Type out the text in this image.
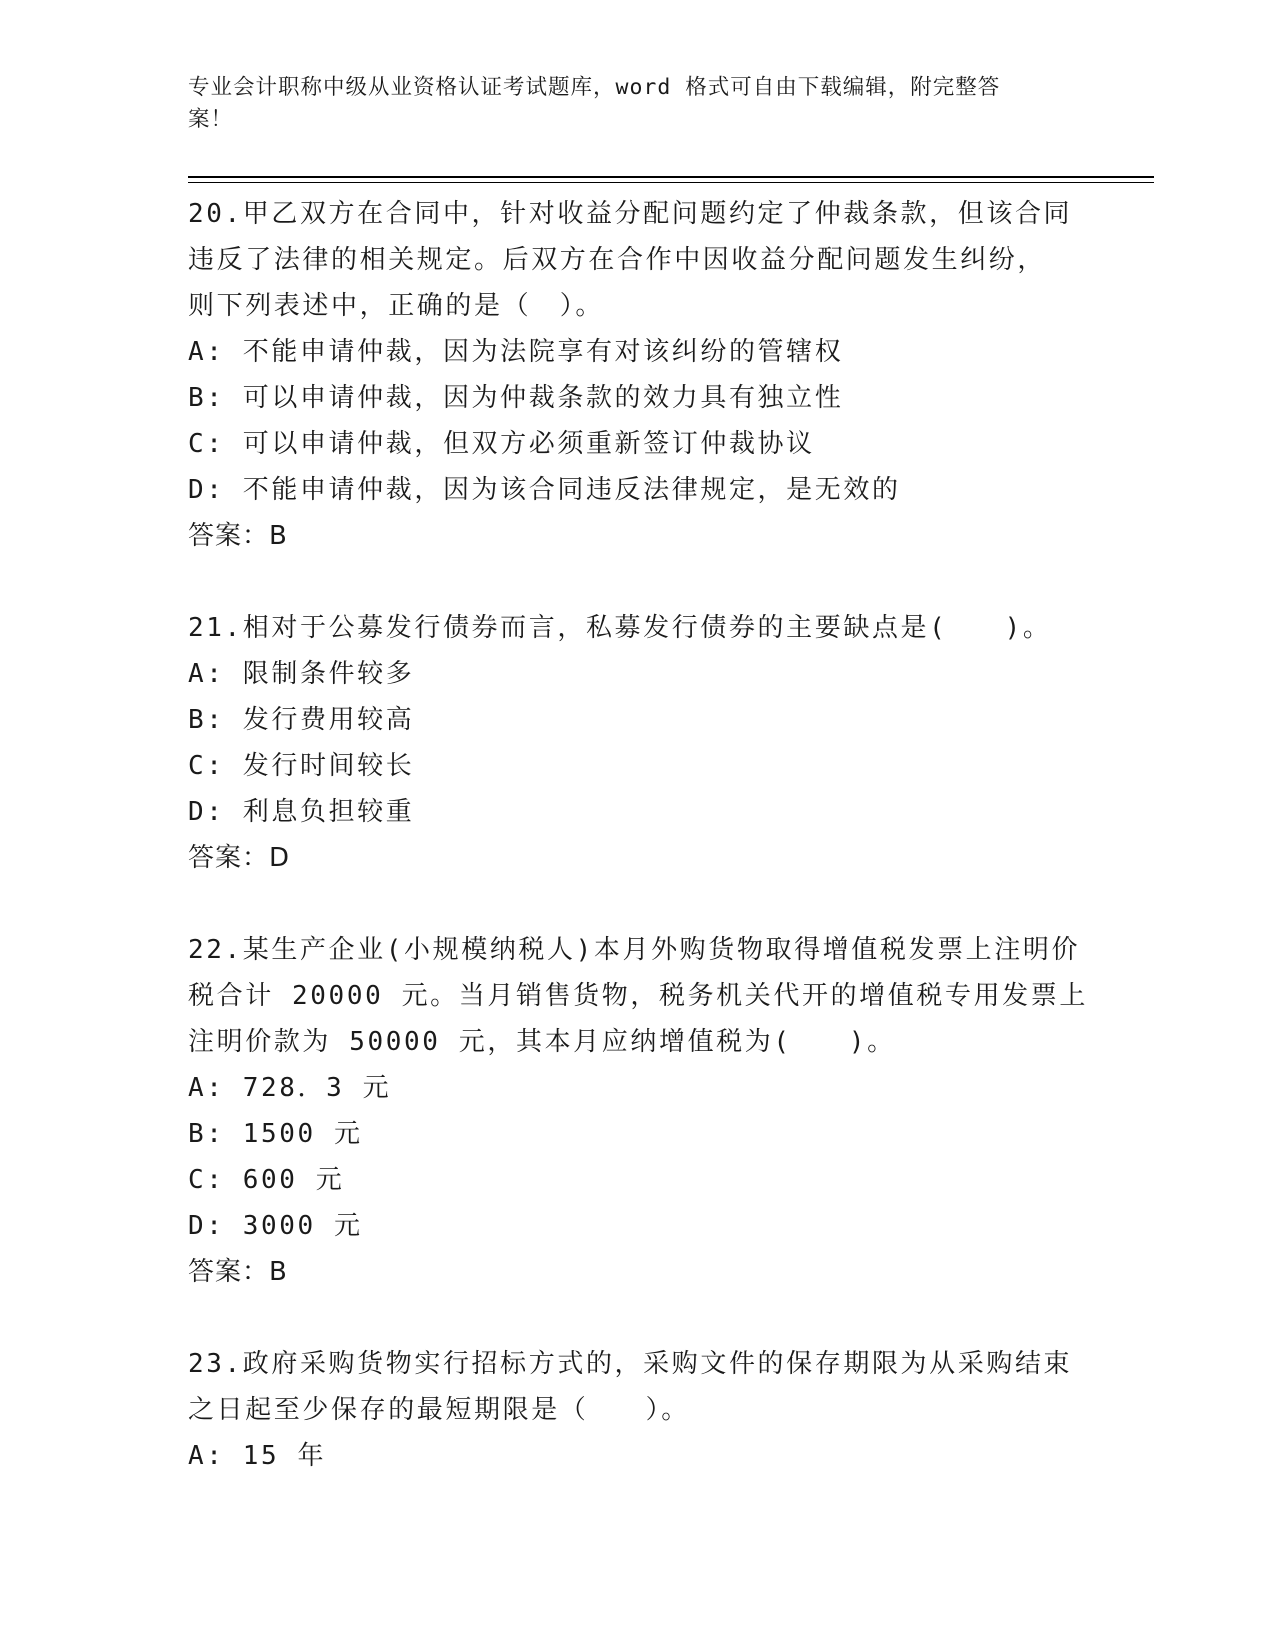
专业会计职称中级从业资格认证考试题库，word 格式可自由下载编辑，附完整答
案！
20.甲乙双方在合同中，针对收益分配问题约定了仲裁条款，但该合同
违反了法律的相关规定。后双方在合作中因收益分配问题发生纠纷，
则下列表述中，正确的是（　）。
A: 不能申请仲裁，因为法院享有对该纠纷的管辖权
B: 可以申请仲裁，因为仲裁条款的效力具有独立性
C: 可以申请仲裁，但双方必须重新签订仲裁协议
D: 不能申请仲裁，因为该合同违反法律规定，是无效的
答案：B
21.相对于公募发行债券而言，私募发行债券的主要缺点是(　　)。
A: 限制条件较多
B: 发行费用较高
C: 发行时间较长
D: 利息负担较重
答案：D
22.某生产企业(小规模纳税人)本月外购货物取得增值税发票上注明价
税合计 20000 元。当月销售货物，税务机关代开的增值税专用发票上
注明价款为 50000 元，其本月应纳增值税为(　　)。
A: 728．3 元
B: 1500 元
C: 600 元
D: 3000 元
答案：B
23.政府采购货物实行招标方式的，采购文件的保存期限为从采购结束
之日起至少保存的最短期限是（　　）。
A: 15 年
